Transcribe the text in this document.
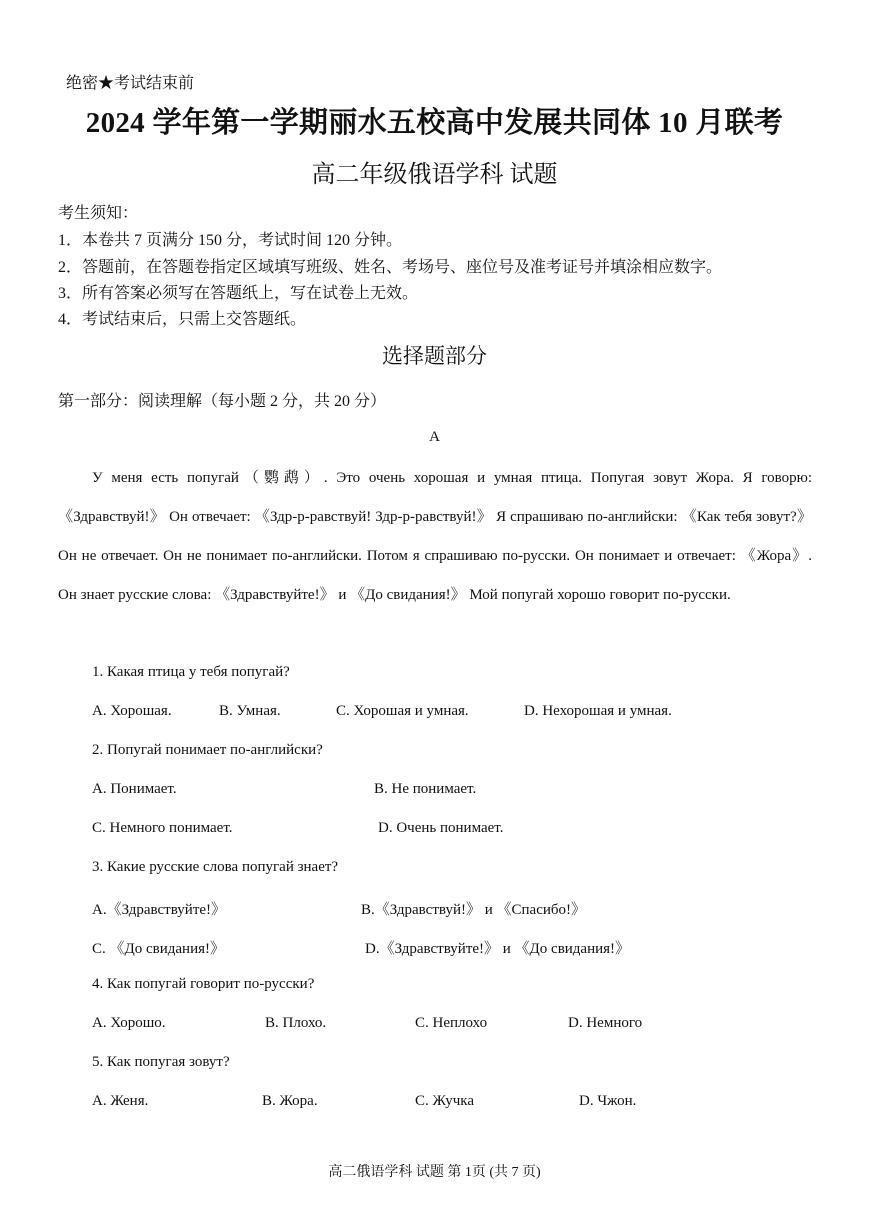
绝密★考试结束前
2024 学年第一学期丽水五校高中发展共同体 10 月联考
高二年级俄语学科 试题
考生须知：
1．本卷共 7 页满分 150 分，考试时间 120 分钟。
2．答题前，在答题卷指定区域填写班级、姓名、考场号、座位号及准考证号并填涂相应数字。
3．所有答案必须写在答题纸上，写在试卷上无效。
4．考试结束后，只需上交答题纸。
选择题部分
第一部分：阅读理解（每小题 2 分，共 20 分）
A

У меня есть попугай（鹦鹉）. Это очень хорошая и умная птица. Попугая зовут Жора. Я говорю: 《Здравствуй!》 Он отвечает: 《Здр-р-равствуй! Здр-р-равствуй!》 Я спрашиваю по-английски: 《Как тебя зовут?》 Он не отвечает. Он не понимает по-английски. Потом я спрашиваю по-русски. Он понимает и отвечает: 《Жора》. Он знает русские слова: 《Здравствуйте!》 и 《До свидания!》 Мой попугай хорошо говорит по-русски.

1. Какая птица у тебя попугай?
A. Хорошая.	B. Умная.	C. Хорошая и умная.	D. Нехорошая и умная.
2. Попугай понимает по-английски?
A. Понимает.	B. Не понимает.
C. Немного понимает.	D. Очень понимает.
3. Какие русские слова попугай знает?
A.《Здравствуйте!》	B.《Здравствуй!》 и 《Спасибо!》
C. 《До свидания!》	D.《Здравствуйте!》 и 《До свидания!》
4. Как попугай говорит по-русски?
A. Хорошо.	B. Плохо.	C. Неплохо	D. Немного
5. Как попугая зовут?
A. Женя.	B. Жора.	C. Жучка	D. Чжон.
高二俄语学科 试题 第 1页 (共 7 页)
